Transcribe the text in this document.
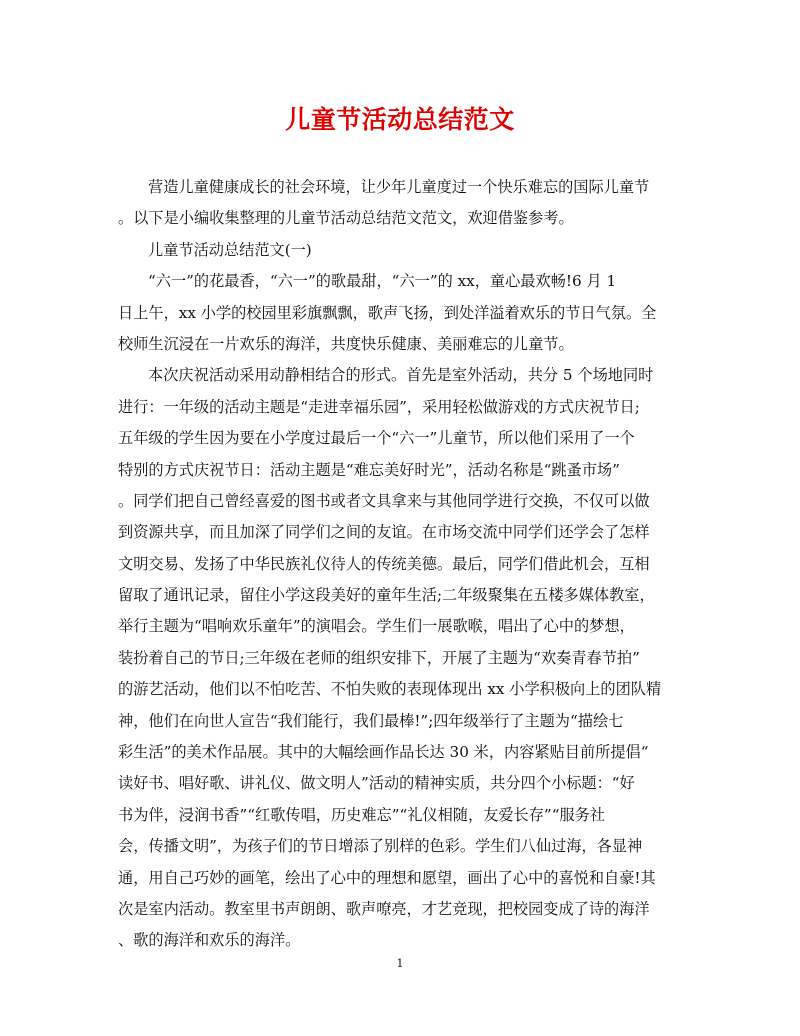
儿童节活动总结范文
营造儿童健康成长的社会环境，让少年儿童度过一个快乐难忘的国际儿童节
。以下是小编收集整理的儿童节活动总结范文范文，欢迎借鉴参考。
儿童节活动总结范文(一)
“六一”的花最香，“六一”的歌最甜，“六一”的 xx，童心最欢畅!6 月 1
日上午，xx 小学的校园里彩旗飘飘，歌声飞扬，到处洋溢着欢乐的节日气氛。全
校师生沉浸在一片欢乐的海洋，共度快乐健康、美丽难忘的儿童节。
本次庆祝活动采用动静相结合的形式。首先是室外活动，共分 5 个场地同时
进行：一年级的活动主题是“走进幸福乐园”，采用轻松做游戏的方式庆祝节日;
五年级的学生因为要在小学度过最后一个“六一”儿童节，所以他们采用了一个
特别的方式庆祝节日：活动主题是“难忘美好时光”，活动名称是“跳蚤市场”
。同学们把自己曾经喜爱的图书或者文具拿来与其他同学进行交换，不仅可以做
到资源共享，而且加深了同学们之间的友谊。在市场交流中同学们还学会了怎样
文明交易、发扬了中华民族礼仪待人的传统美德。最后，同学们借此机会，互相
留取了通讯记录，留住小学这段美好的童年生活;二年级聚集在五楼多媒体教室，
举行主题为“唱响欢乐童年”的演唱会。学生们一展歌喉，唱出了心中的梦想，
装扮着自己的节日;三年级在老师的组织安排下，开展了主题为“欢奏青春节拍”
的游艺活动，他们以不怕吃苦、不怕失败的表现体现出 xx 小学积极向上的团队精
神，他们在向世人宣告“我们能行，我们最棒!”;四年级举行了主题为“描绘七
彩生活”的美术作品展。其中的大幅绘画作品长达 30 米，内容紧贴目前所提倡“
读好书、唱好歌、讲礼仪、做文明人”活动的精神实质，共分四个小标题：“好
书为伴，浸润书香”“红歌传唱，历史难忘”“礼仪相随，友爱长存”“服务社
会，传播文明”，为孩子们的节日增添了别样的色彩。学生们八仙过海，各显神
通，用自己巧妙的画笔，绘出了心中的理想和愿望，画出了心中的喜悦和自豪!其
次是室内活动。教室里书声朗朗、歌声嘹亮，才艺竞现，把校园变成了诗的海洋
、歌的海洋和欢乐的海洋。
1
